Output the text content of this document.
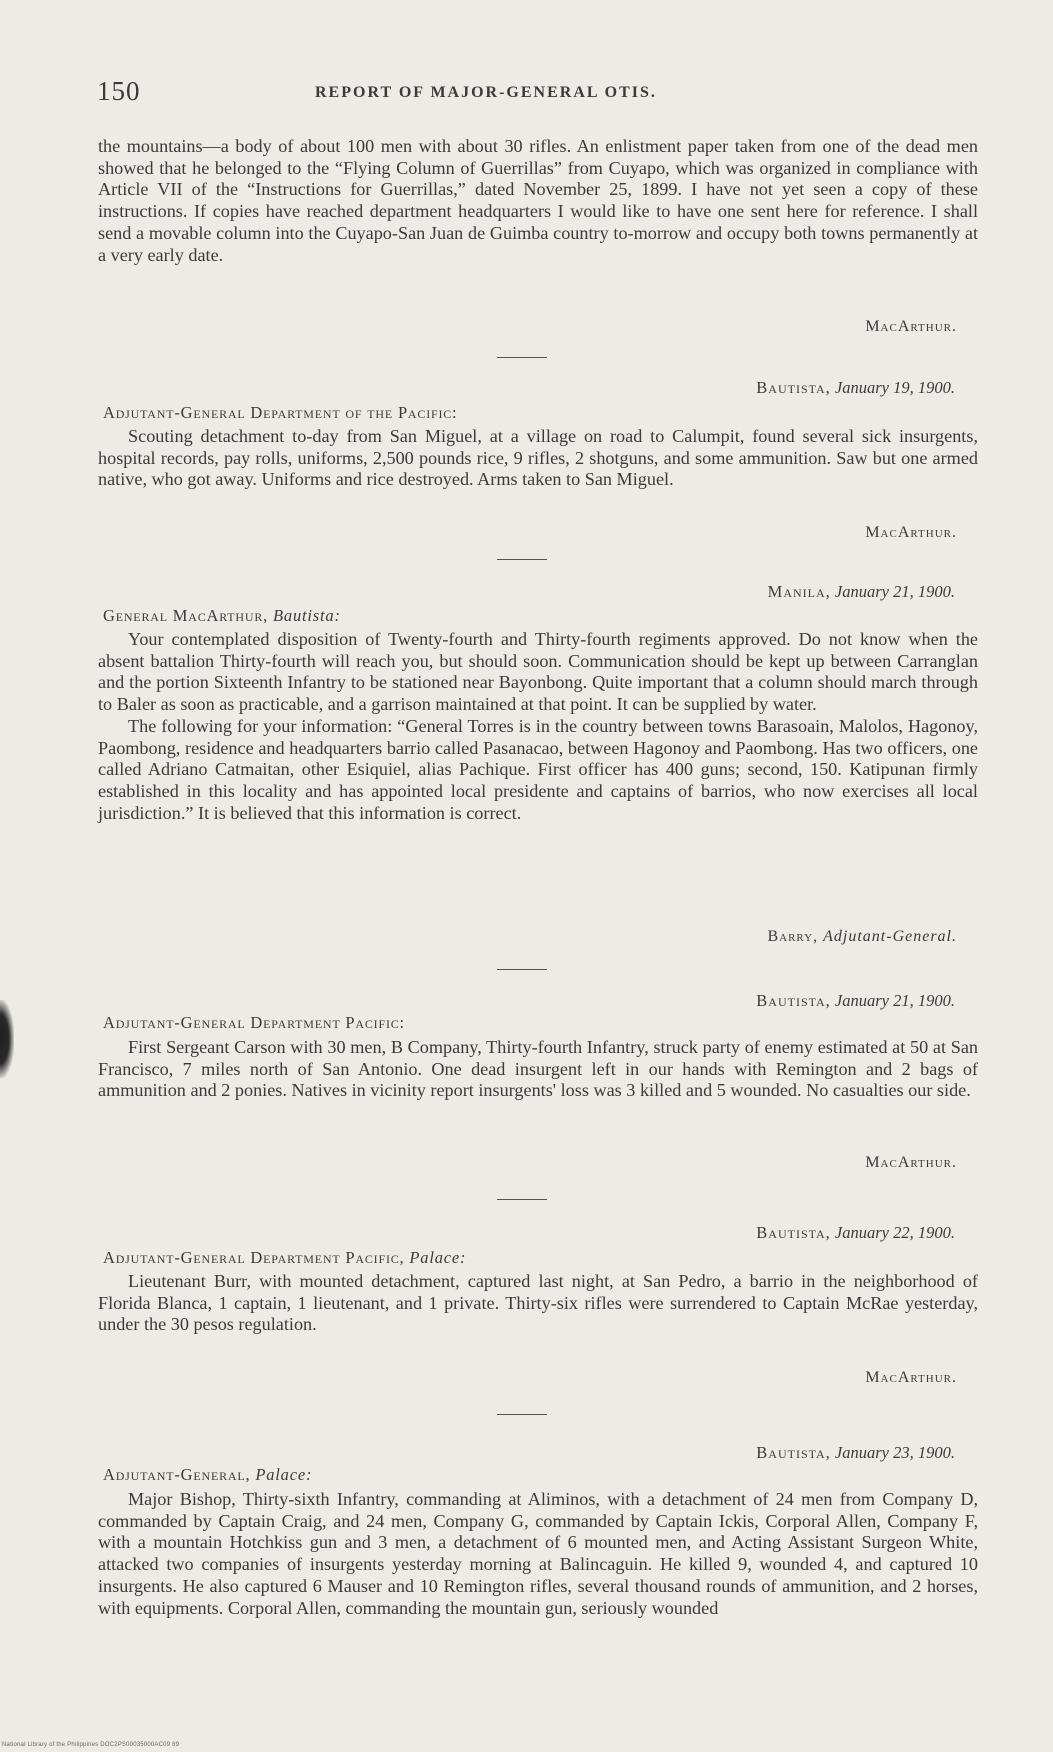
150	REPORT OF MAJOR-GENERAL OTIS.

the mountains—a body of about 100 men with about 30 rifles. An enlistment paper taken from one of the dead men showed that he belonged to the “Flying Column of Guerrillas” from Cuyapo, which was organized in compliance with Article VII of the “Instructions for Guerrillas,” dated November 25, 1899. I have not yet seen a copy of these instructions. If copies have reached department headquarters I would like to have one sent here for reference. I shall send a movable column into the Cuyapo-San Juan de Guimba country to-morrow and occupy both towns permanently at a very early date.

MacArthur.
Bautista, January 19, 1900.
Adjutant-General Department of the Pacific:

Scouting detachment to-day from San Miguel, at a village on road to Calumpit, found several sick insurgents, hospital records, pay rolls, uniforms, 2,500 pounds rice, 9 rifles, 2 shotguns, and some ammunition. Saw but one armed native, who got away. Uniforms and rice destroyed. Arms taken to San Miguel.

MacArthur.
Manila, January 21, 1900.
General MacArthur, Bautista:

Your contemplated disposition of Twenty-fourth and Thirty-fourth regiments approved. Do not know when the absent battalion Thirty-fourth will reach you, but should soon. Communication should be kept up between Carranglan and the portion Sixteenth Infantry to be stationed near Bayonbong. Quite important that a column should march through to Baler as soon as practicable, and a garrison maintained at that point. It can be supplied by water.

The following for your information: “General Torres is in the country between towns Barasoain, Malolos, Hagonoy, Paombong, residence and headquarters barrio called Pasanacao, between Hagonoy and Paombong. Has two officers, one called Adriano Catmaitan, other Esiquiel, alias Pachique. First officer has 400 guns; second, 150. Katipunan firmly established in this locality and has appointed local presidente and captains of barrios, who now exercises all local jurisdiction.” It is believed that this information is correct.

Barry, Adjutant-General.
Bautista, January 21, 1900.
Adjutant-General Department Pacific:

First Sergeant Carson with 30 men, B Company, Thirty-fourth Infantry, struck party of enemy estimated at 50 at San Francisco, 7 miles north of San Antonio. One dead insurgent left in our hands with Remington and 2 bags of ammunition and 2 ponies. Natives in vicinity report insurgents' loss was 3 killed and 5 wounded. No casualties our side.

MacArthur.
Bautista, January 22, 1900.
Adjutant-General Department Pacific, Palace:

Lieutenant Burr, with mounted detachment, captured last night, at San Pedro, a barrio in the neighborhood of Florida Blanca, 1 captain, 1 lieutenant, and 1 private. Thirty-six rifles were surrendered to Captain McRae yesterday, under the 30 pesos regulation.

MacArthur.
Bautista, January 23, 1900.
Adjutant-General, Palace:

Major Bishop, Thirty-sixth Infantry, commanding at Aliminos, with a detachment of 24 men from Company D, commanded by Captain Craig, and 24 men, Company G, commanded by Captain Ickis, Corporal Allen, Company F, with a mountain Hotchkiss gun and 3 men, a detachment of 6 mounted men, and Acting Assistant Surgeon White, attacked two companies of insurgents yesterday morning at Balincaguin. He killed 9, wounded 4, and captured 10 insurgents. He also captured 6 Mauser and 10 Remington rifles, several thousand rounds of ammunition, and 2 horses, with equipments. Corporal Allen, commanding the mountain gun, seriously wounded

National Library of the Philippines DOC2PS00035000AC09 89
